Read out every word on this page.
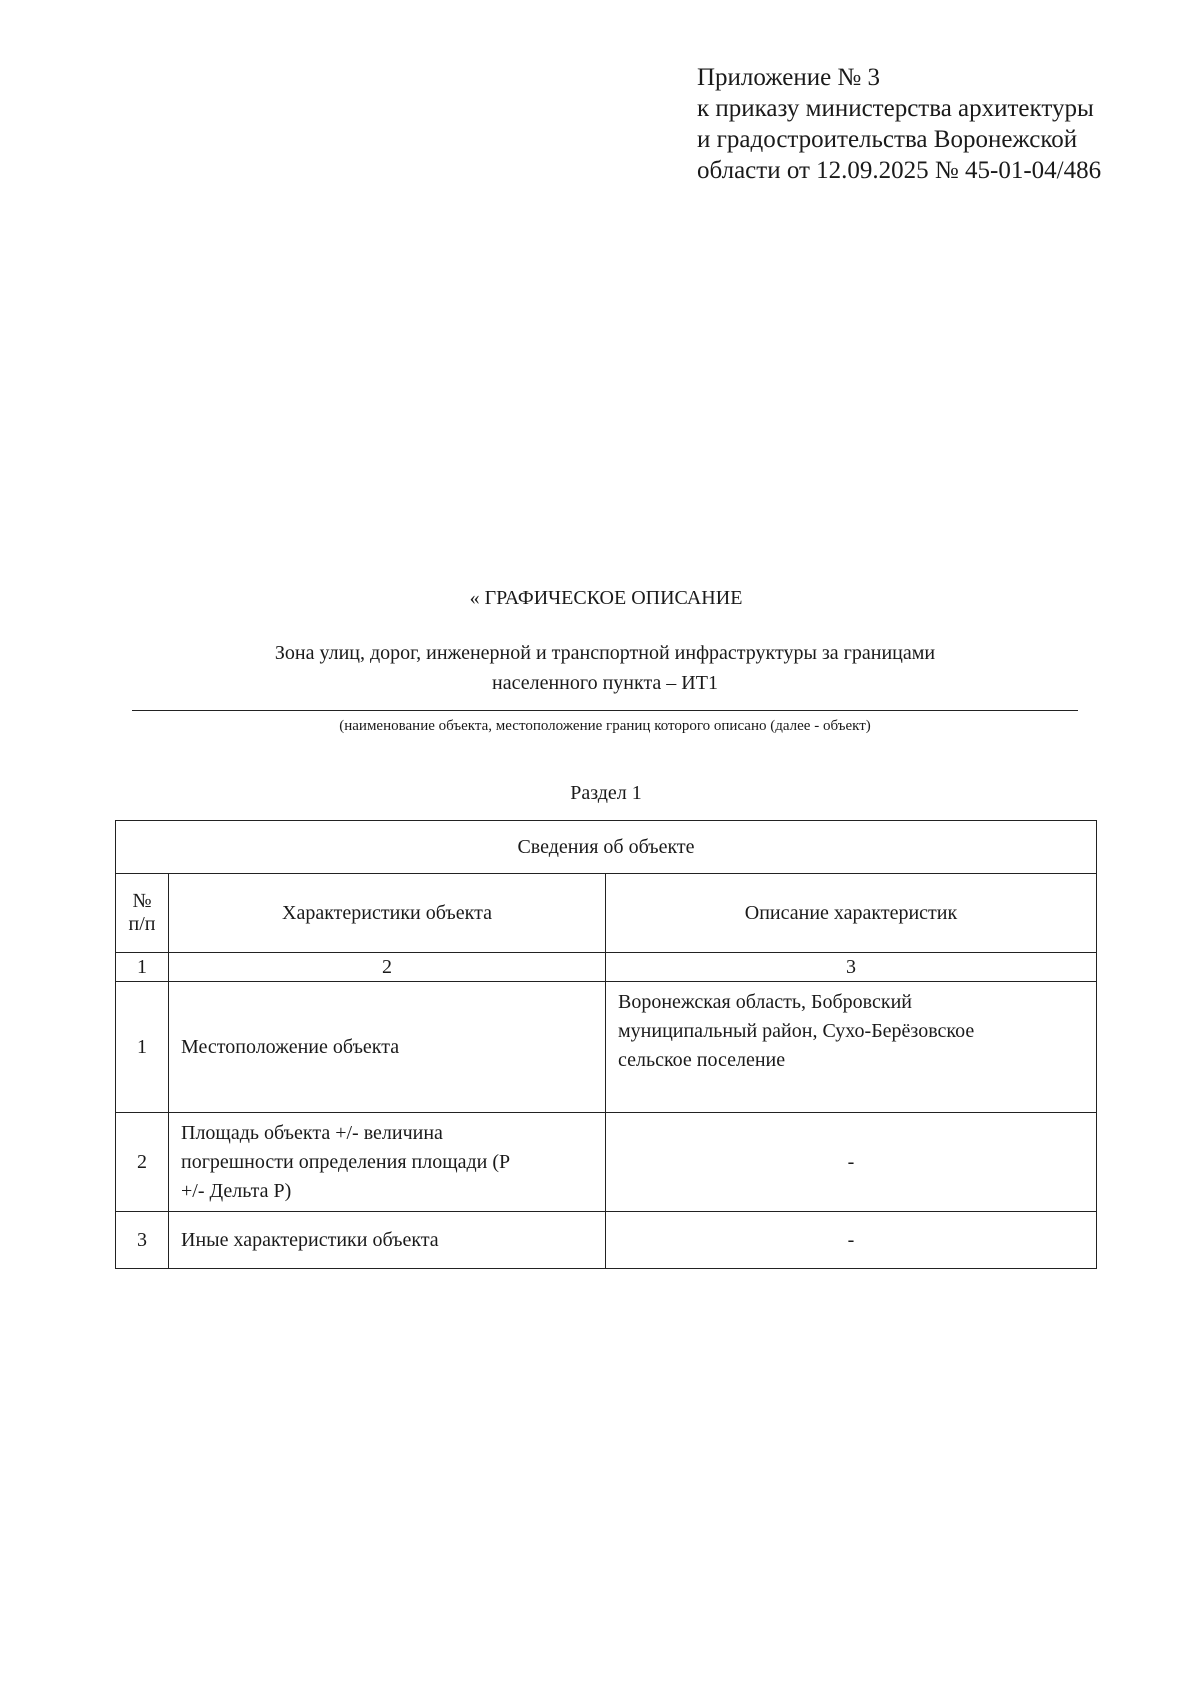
Приложение № 3
к приказу министерства архитектуры
и градостроительства Воронежской
области от 12.09.2025 № 45-01-04/486
« ГРАФИЧЕСКОЕ ОПИСАНИЕ
Зона улиц, дорог, инженерной и транспортной инфраструктуры за границами
населенного пункта – ИТ1
(наименование объекта, местоположение границ которого описано (далее - объект)
Раздел 1
Сведения об объекте		

№
п/п	Характеристики объекта	Описание характеристик
1	2	3
1	Местоположение объекта	Воронежская область, Бобровский
муниципальный район, Сухо-Берёзовское
сельское поселение

2	Площадь объекта +/- величина
погрешности определения площади (Р
+/- Дельта Р)	-
3	Иные характеристики объекта	-
